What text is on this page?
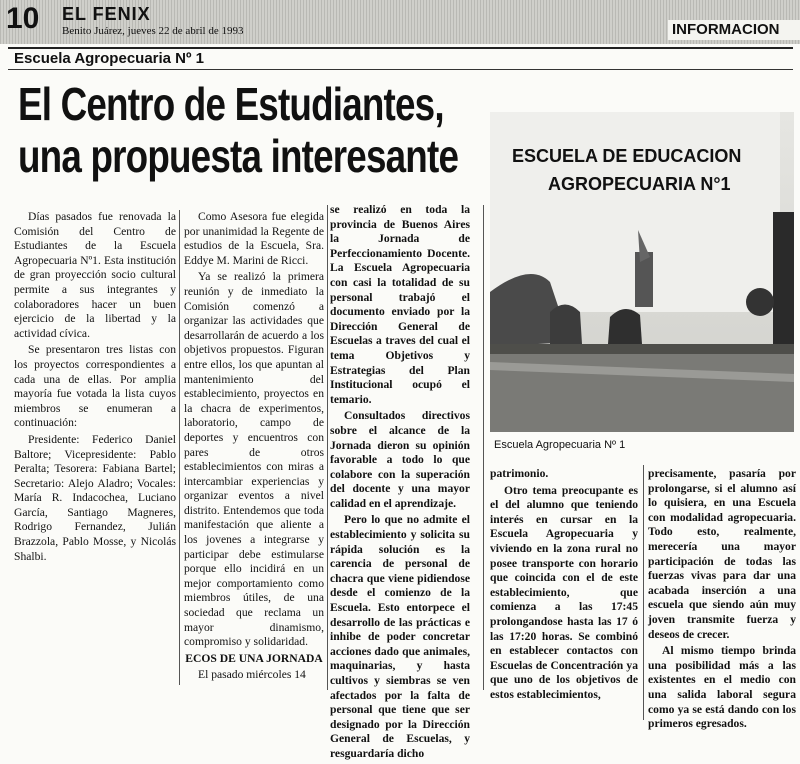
10 EL FENIX
Benito Juárez, jueves 22 de abril de 1993	INFORMACION
Escuela Agropecuaria Nº 1
El Centro de Estudiantes,
una propuesta interesante	ESCUELA DE EDUCACION
AGROPECUARIA N°1
Escuela Agropecuaria Nº 1

Días pasados fue renovada la Comisión del Centro de Estudiantes de la Escuela Agropecuaria Nº1. Esta institución de gran proyección socio cultural permite a sus integrantes y colaboradores hacer un buen ejercicio de la libertad y la actividad cívica.

Se presentaron tres listas con los proyectos correspondientes a cada una de ellas. Por amplia mayoría fue votada la lista cuyos miembros se enumeran a continuación:

Presidente: Federico Daniel Baltore; Vicepresidente: Pablo Peralta; Tesorera: Fabiana Bartel; Secretario: Alejo Aladro; Vocales: María R. Indacochea, Luciano García, Santiago Magneres, Rodrigo Fernandez, Julián Brazzola, Pablo Mosse, y Nicolás Shalbi.

Como Asesora fue elegida por unanimidad la Regente de estudios de la Escuela, Sra. Eddye M. Marini de Ricci.

Ya se realizó la primera reunión y de inmediato la Comisión comenzó a organizar las actividades que desarrollarán de acuerdo a los objetivos propuestos. Figuran entre ellos, los que apuntan al mantenimiento del establecimiento, proyectos en la chacra de experimentos, laboratorio, campo de deportes y encuentros con pares de otros establecimientos con miras a intercambiar experiencias y organizar eventos a nivel distrito. Entendemos que toda manifestación que aliente a los jovenes a integrarse y participar debe estimularse porque ello incidirá en un mejor comportamiento como miembros útiles, de una sociedad que reclama un mayor dinamismo, compromiso y solidaridad.

ECOS DE UNA JORNADA

El pasado miércoles 14

se realizó en toda la provincia de Buenos Aires la Jornada de Perfeccionamiento Docente. La Escuela Agropecuaria con casi la totalidad de su personal trabajó el documento enviado por la Dirección General de Escuelas a traves del cual el tema Objetivos y Estrategias del Plan Institucional ocupó el temario.

Consultados directivos sobre el alcance de la Jornada dieron su opinión favorable a todo lo que colabore con la superación del docente y una mayor calidad en el aprendizaje.

Pero lo que no admite el establecimiento y solicita su rápida solución es la carencia de personal de chacra que viene pidiendose desde el comienzo de la Escuela. Esto entorpece el desarrollo de las prácticas e inhibe de poder concretar acciones dado que animales, maquinarias, y hasta cultivos y siembras se ven afectados por la falta de personal que tiene que ser designado por la Dirección General de Escuelas, y resguardaría dicho

patrimonio.

Otro tema preocupante es el del alumno que teniendo interés en cursar en la Escuela Agropecuaria y viviendo en la zona rural no posee transporte con horario que coincida con el de este establecimiento, que comienza a las 17:45 prolongandose hasta las 17 ó las 17:20 horas. Se combinó en establecer contactos con Escuelas de Concentración ya que uno de los objetivos de estos establecimientos,

precisamente, pasaría por prolongarse, si el alumno así lo quisiera, en una Escuela con modalidad agropecuaria. Todo esto, realmente, merecería una mayor participación de todas las fuerzas vivas para dar una acabada inserción a una escuela que siendo aún muy joven transmite fuerza y deseos de crecer.

Al mismo tiempo brinda una posibilidad más a las existentes en el medio con una salida laboral segura como ya se está dando con los primeros egresados.
